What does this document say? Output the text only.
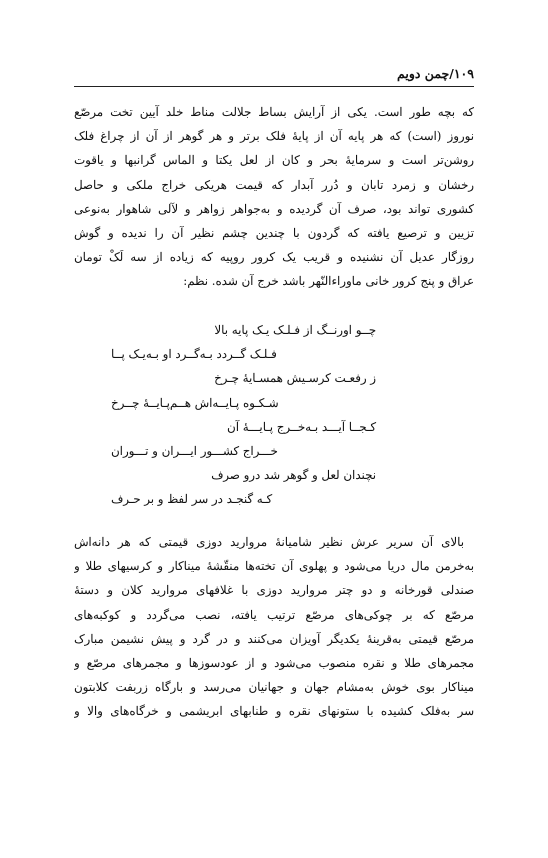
۱۰۹/چمن دویم
که بچه طور است. یکی از آرایش بساط جلالت مناط خلد آیین تخت مرصّع
نوروز (است) که هر پایه آن از پایهٔ فلک برتر و هر گوهر از آن از چراغ فلک
روشن‌تر است و سرمایهٔ بحر و کان از لعل یکتا و الماس گرانبها و یاقوت
رخشان و زمرد تابان و دُرر آبدار که قیمت هریکی خراج ملکی و حاصل
کشوری تواند بود، صرف آن گردیده و به‌جواهر زواهر و لآلی شاهوار به‌نوعی
تزیین و ترصیع یافته که گردون با چندین چشم نظیر آن را ندیده و گوش
روزگار عدیل آن نشنیده و قریب یک کرور روپیه که زیاده از سه لَکْ تومان
عراق و پنج کرور خانی ماوراءالنّهر باشد خرج آن شده. نظم:
چــو اورنــگ از فـلـک یـک پایه بالا
فـلـک گــردد بـه‌گــرد او بـه‌یـک پــا
ز رفعـت کرسـیش همسـایهٔ چـرخ
شـکـوه پـایــه‌اش هــم‌پـایــهٔ چــرخ
کـجــا آیـــد بـه‌خــرج پـایـــهٔ آن
خـــراج کشـــور ایـــران و تـــوران
نچندان لعل و گوهر شد درو صرف
کـه گنجـد در سر لفظ و بر حـرف
بالای آن سریر عرش نظیر شامیانهٔ مروارید دوزی قیمتی که هر دانه‌اش
به‌خرمن مال دریا می‌شود و پهلوی آن تخته‌ها منقّشهٔ میناکار و کرسیهای طلا و
صندلی قورخانه و دو چتر مروارید دوزی با غلافهای مروارید کلان و دستهٔ
مرصّع که بر چوکی‌های مرصّع ترتیب یافته، نصب می‌گردد و کوکبه‌های
مرصّع قیمتی به‌قرینهٔ یکدیگر آویزان می‌کنند و در گرد و پیش نشیمن مبارک
مجمرهای طلا و نقره منصوب می‌شود و از عودسوزها و مجمرهای مرصّع و
میناکار بوی خوش به‌مشام جهان و جهانیان می‌رسد و بارگاه زربفت کلابتون
سر به‌فلک کشیده با ستونهای نقره و طنابهای ابریشمی و خرگاه‌های والا و
